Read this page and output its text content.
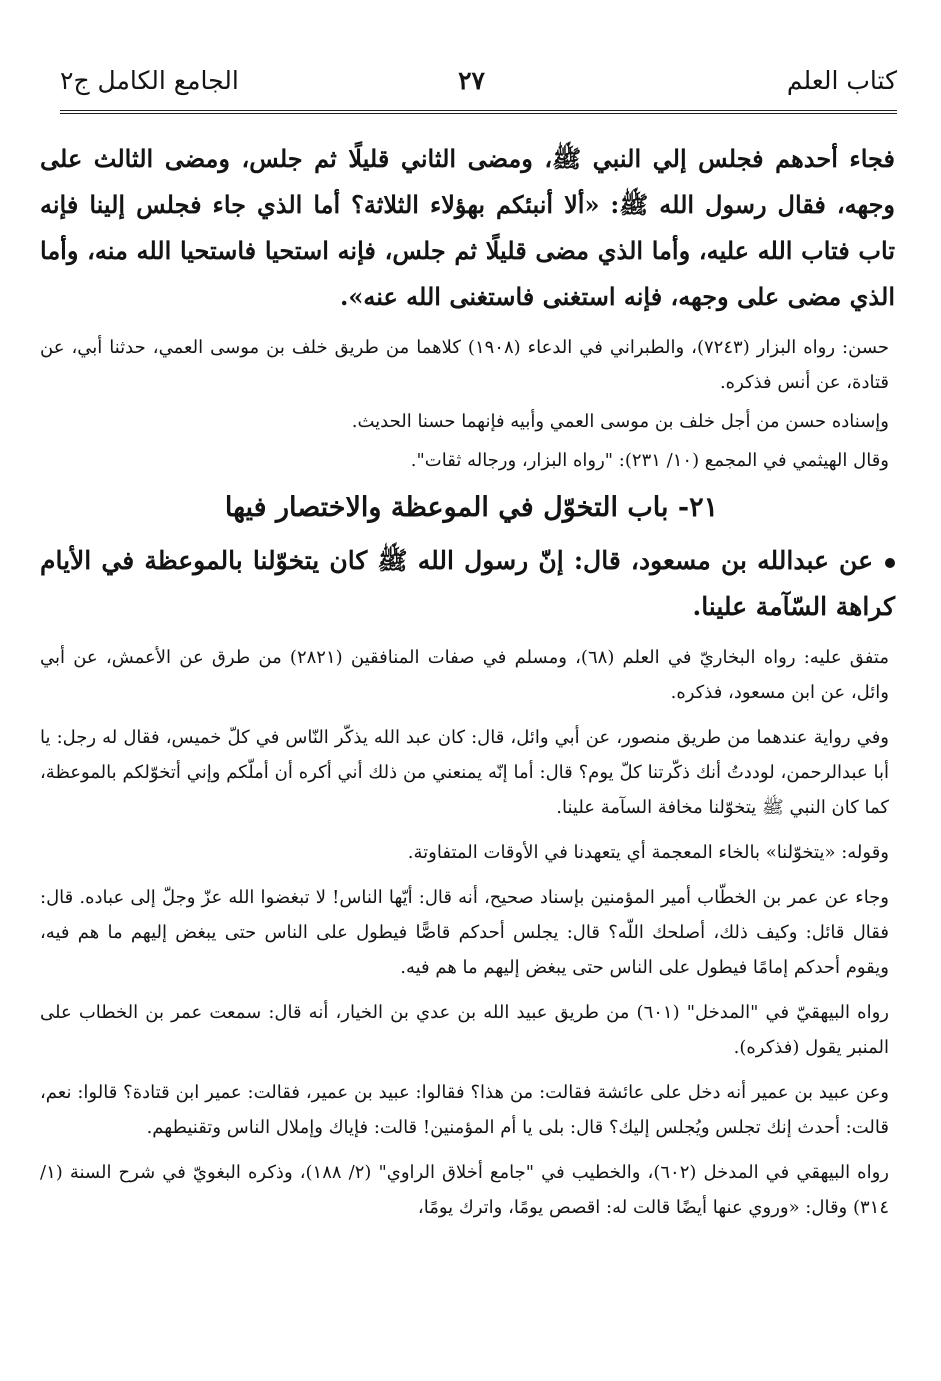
كتاب العلم
٢٧
الجامع الكامل ج٢

فجاء أحدهم فجلس إلي النبي ﷺ، ومضى الثاني قليلًا ثم جلس، ومضى الثالث على وجهه، فقال رسول الله ﷺ: «ألا أنبئكم بهؤلاء الثلاثة؟ أما الذي جاء فجلس إلينا فإنه تاب فتاب الله عليه، وأما الذي مضى قليلًا ثم جلس، فإنه استحيا فاستحيا الله منه، وأما الذي مضى على وجهه، فإنه استغنى فاستغنى الله عنه».

حسن: رواه البزار (٧٢٤٣)، والطبراني في الدعاء (١٩٠٨) كلاهما من طريق خلف بن موسى العمي، حدثنا أبي، عن قتادة، عن أنس فذكره.

وإسناده حسن من أجل خلف بن موسى العمي وأبيه فإنهما حسنا الحديث.

وقال الهيثمي في المجمع (١٠/ ٢٣١): "رواه البزار، ورجاله ثقات".

٢١- باب التخوّل في الموعظة والاختصار فيها
عن عبدالله بن مسعود، قال: إنّ رسول الله ﷺ كان يتخوّلنا بالموعظة في الأيام كراهة السّآمة علينا.

متفق عليه: رواه البخاريّ في العلم (٦٨)، ومسلم في صفات المنافقين (٢٨٢١) من طرق عن الأعمش، عن أبي وائل، عن ابن مسعود، فذكره.

وفي رواية عندهما من طريق منصور، عن أبي وائل، قال: كان عبد الله يذكّر النّاس في كلّ خميس، فقال له رجل: يا أبا عبدالرحمن، لوددتُ أنك ذكّرتنا كلّ يوم؟ قال: أما إنّه يمنعني من ذلك أني أكره أن أملّكم وإني أتخوّلكم بالموعظة، كما كان النبي ﷺ يتخوّلنا مخافة السآمة علينا.

وقوله: «يتخوّلنا» بالخاء المعجمة أي يتعهدنا في الأوقات المتفاوتة.

وجاء عن عمر بن الخطّاب أمير المؤمنين بإسناد صحيح، أنه قال: أيّها الناس! لا تبغضوا الله عزّ وجلّ إلى عباده. قال: فقال قائل: وكيف ذلك، أصلحك اللّه؟ قال: يجلس أحدكم قاصًّا فيطول على الناس حتى يبغض إليهم ما هم فيه، ويقوم أحدكم إمامًا فيطول على الناس حتى يبغض إليهم ما هم فيه.

رواه البيهقيّ في "المدخل" (٦٠١) من طريق عبيد الله بن عدي بن الخيار، أنه قال: سمعت عمر بن الخطاب على المنبر يقول (فذكره).

وعن عبيد بن عمير أنه دخل على عائشة فقالت: من هذا؟ فقالوا: عبيد بن عمير، فقالت: عمير ابن قتادة؟ قالوا: نعم، قالت: أحدث إنك تجلس ويُجلس إليك؟ قال: بلى يا أم المؤمنين! قالت: فإياك وإملال الناس وتقنيطهم.

رواه البيهقي في المدخل (٦٠٢)، والخطيب في "جامع أخلاق الراوي" (٢/ ١٨٨)، وذكره البغويّ في شرح السنة (١/ ٣١٤) وقال: «وروي عنها أيضًا قالت له: اقصص يومًا، واترك يومًا،
